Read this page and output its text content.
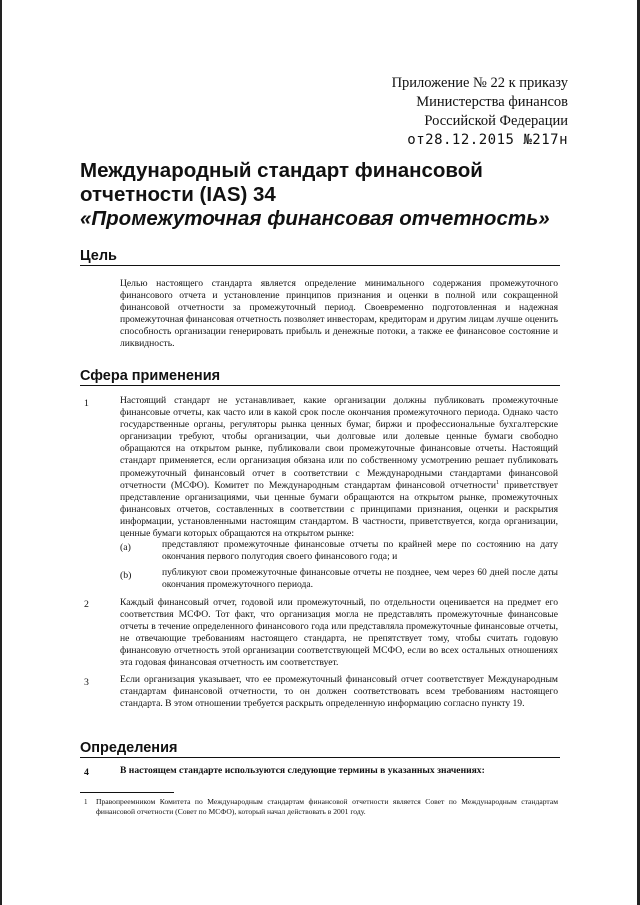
Приложение № 22 к приказу
Министерства финансов
Российской Федерации
от28.12.2015 №217н
Международный стандарт финансовой отчетности (IAS) 34
«Промежуточная финансовая отчетность»
Цель
Целью настоящего стандарта является определение минимального содержания промежуточного финансового отчета и установление принципов признания и оценки в полной или сокращенной финансовой отчетности за промежуточный период. Своевременно подготовленная и надежная промежуточная финансовая отчетность позволяет инвесторам, кредиторам и другим лицам лучше оценить способность организации генерировать прибыль и денежные потоки, а также ее финансовое состояние и ликвидность.
Сфера применения
1	Настоящий стандарт не устанавливает, какие организации должны публиковать промежуточные финансовые отчеты, как часто или в какой срок после окончания промежуточного периода. Однако часто государственные органы, регуляторы рынка ценных бумаг, биржи и профессиональные бухгалтерские организации требуют, чтобы организации, чьи долговые или долевые ценные бумаги свободно обращаются на открытом рынке, публиковали свои промежуточные финансовые отчеты. Настоящий стандарт применяется, если организация обязана или по собственному усмотрению решает публиковать промежуточный финансовый отчет в соответствии с Международными стандартами финансовой отчетности (МСФО). Комитет по Международным стандартам финансовой отчетности$^1$ приветствует представление организациями, чьи ценные бумаги обращаются на открытом рынке, промежуточных финансовых отчетов, составленных в соответствии с принципами признания, оценки и раскрытия информации, установленными настоящим стандартом. В частности, приветствуется, когда организации, ценные бумаги которых обращаются на открытом рынке:
(a)	представляют промежуточные финансовые отчеты по крайней мере по состоянию на дату окончания первого полугодия своего финансового года; и
(b)	публикуют свои промежуточные финансовые отчеты не позднее, чем через 60 дней после даты окончания промежуточного периода.
2	Каждый финансовый отчет, годовой или промежуточный, по отдельности оценивается на предмет его соответствия МСФО. Тот факт, что организация могла не представлять промежуточные финансовые отчеты в течение определенного финансового года или представляла промежуточные финансовые отчеты, не отвечающие требованиям настоящего стандарта, не препятствует тому, чтобы считать годовую финансовую отчетность этой организации соответствующей МСФО, если во всех остальных отношениях эта годовая финансовая отчетность им соответствует.
3	Если организация указывает, что ее промежуточный финансовый отчет соответствует Международным стандартам финансовой отчетности, то он должен соответствовать всем требованиям настоящего стандарта. В этом отношении требуется раскрыть определенную информацию согласно пункту 19.
Определения
4	В настоящем стандарте используются следующие термины в указанных значениях:
1 Правопреемником Комитета по Международным стандартам финансовой отчетности является Совет по Международным стандартам финансовой отчетности (Совет по МСФО), который начал действовать в 2001 году.
